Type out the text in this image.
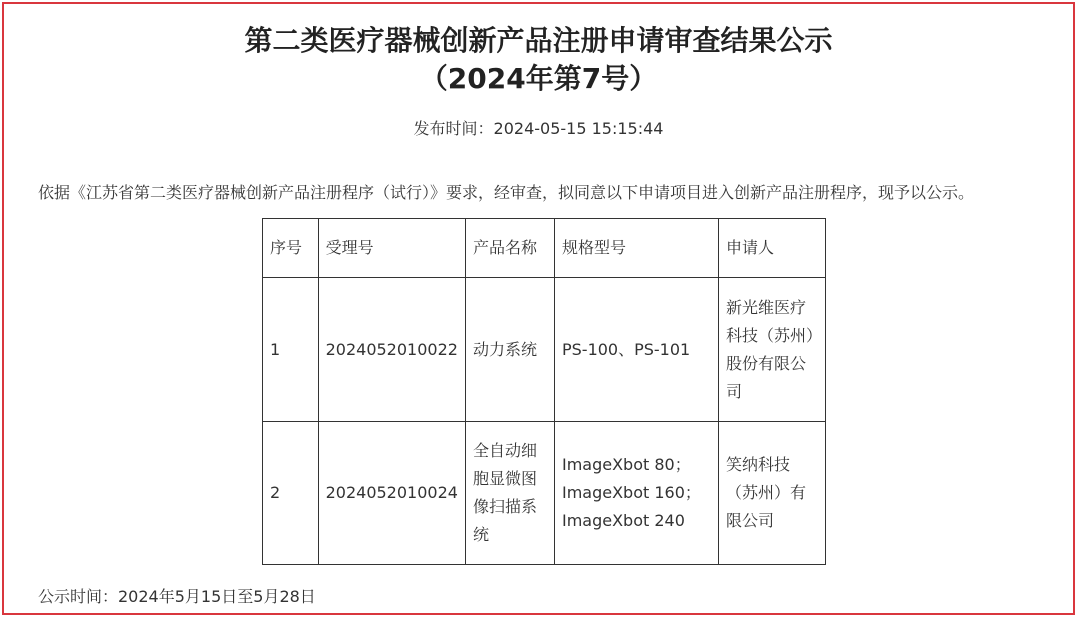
第二类医疗器械创新产品注册申请审查结果公示
（2024年第7号）
发布时间：2024-05-15 15:15:44
依据《江苏省第二类医疗器械创新产品注册程序（试行）》要求，经审查，拟同意以下申请项目进入创新产品注册程序，现予以公示。
序号	受理号	产品名称	规格型号	申请人
1	2024052010022	动力系统	PS-100、PS-101	新光维医疗科技（苏州）股份有限公司
2	2024052010024	全自动细胞显微图像扫描系统	ImageXbot 80；
ImageXbot 160；
ImageXbot 240	笑纳科技（苏州）有限公司
公示时间：2024年5月15日至5月28日
